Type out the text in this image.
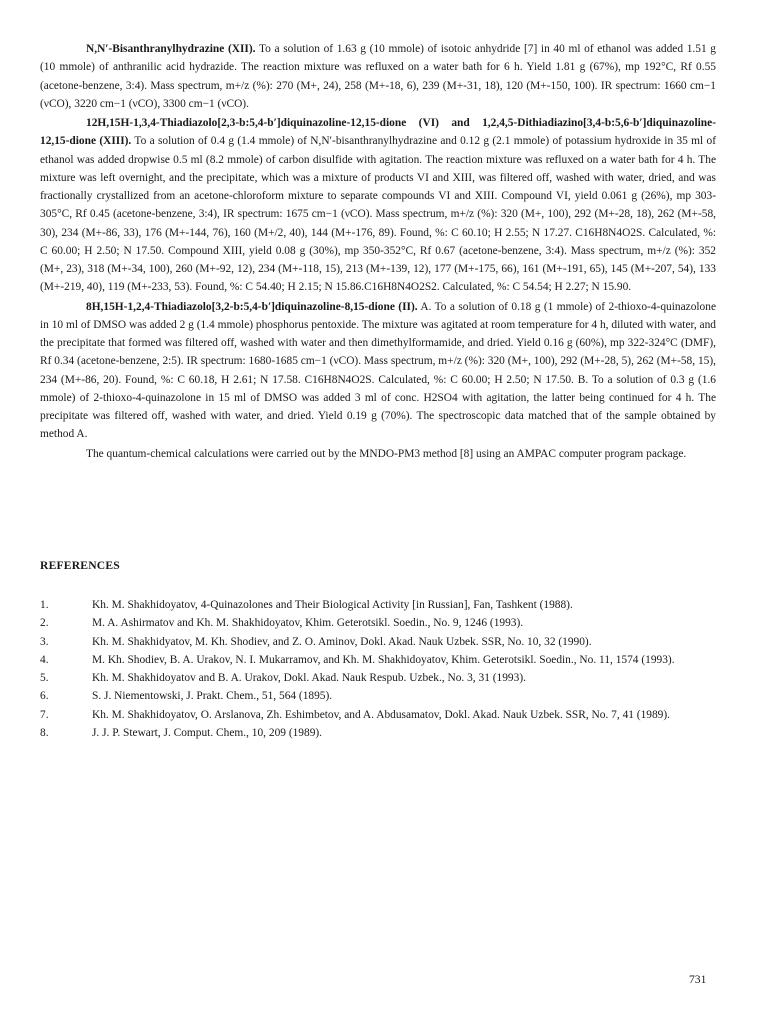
N,N′-Bisanthranylhydrazine (XII). To a solution of 1.63 g (10 mmole) of isotoic anhydride [7] in 40 ml of ethanol was added 1.51 g (10 mmole) of anthranilic acid hydrazide. The reaction mixture was refluxed on a water bath for 6 h. Yield 1.81 g (67%), mp 192°C, Rf 0.55 (acetone-benzene, 3:4). Mass spectrum, m+/z (%): 270 (M+, 24), 258 (M+-18, 6), 239 (M+-31, 18), 120 (M+-150, 100). IR spectrum: 1660 cm−1 (νCO), 3220 cm−1 (νCO), 3300 cm−1 (νCO).

12H,15H-1,3,4-Thiadiazolo[2,3-b:5,4-b′]diquinazoline-12,15-dione (VI) and 1,2,4,5-Dithiadiazino[3,4-b:5,6-b′]diquinazoline-12,15-dione (XIII). To a solution of 0.4 g (1.4 mmole) of N,N′-bisanthranylhydrazine and 0.12 g (2.1 mmole) of potassium hydroxide in 35 ml of ethanol was added dropwise 0.5 ml (8.2 mmole) of carbon disulfide with agitation. The reaction mixture was refluxed on a water bath for 4 h. The mixture was left overnight, and the precipitate, which was a mixture of products VI and XIII, was filtered off, washed with water, dried, and was fractionally crystallized from an acetone-chloroform mixture to separate compounds VI and XIII. Compound VI, yield 0.061 g (26%), mp 303-305°C, Rf 0.45 (acetone-benzene, 3:4), IR spectrum: 1675 cm−1 (νCO). Mass spectrum, m+/z (%): 320 (M+, 100), 292 (M+-28, 18), 262 (M+-58, 30), 234 (M+-86, 33), 176 (M+-144, 76), 160 (M+/2, 40), 144 (M+-176, 89). Found, %: C 60.10; H 2.55; N 17.27. C16H8N4O2S. Calculated, %: C 60.00; H 2.50; N 17.50. Compound XIII, yield 0.08 g (30%), mp 350-352°C, Rf 0.67 (acetone-benzene, 3:4). Mass spectrum, m+/z (%): 352 (M+, 23), 318 (M+-34, 100), 260 (M+-92, 12), 234 (M+-118, 15), 213 (M+-139, 12), 177 (M+-175, 66), 161 (M+-191, 65), 145 (M+-207, 54), 133 (M+-219, 40), 119 (M+-233, 53). Found, %: C 54.40; H 2.15; N 15.86.C16H8N4O2S2. Calculated, %: C 54.54; H 2.27; N 15.90.

8H,15H-1,2,4-Thiadiazolo[3,2-b:5,4-b′]diquinazoline-8,15-dione (II). A. To a solution of 0.18 g (1 mmole) of 2-thioxo-4-quinazolone in 10 ml of DMSO was added 2 g (1.4 mmole) phosphorus pentoxide. The mixture was agitated at room temperature for 4 h, diluted with water, and the precipitate that formed was filtered off, washed with water and then dimethylformamide, and dried. Yield 0.16 g (60%), mp 322-324°C (DMF), Rf 0.34 (acetone-benzene, 2:5). IR spectrum: 1680-1685 cm−1 (νCO). Mass spectrum, m+/z (%): 320 (M+, 100), 292 (M+-28, 5), 262 (M+-58, 15), 234 (M+-86, 20). Found, %: C 60.18, H 2.61; N 17.58. C16H8N4O2S. Calculated, %: C 60.00; H 2.50; N 17.50. B. To a solution of 0.3 g (1.6 mmole) of 2-thioxo-4-quinazolone in 15 ml of DMSO was added 3 ml of conc. H2SO4 with agitation, the latter being continued for 4 h. The precipitate was filtered off, washed with water, and dried. Yield 0.19 g (70%). The spectroscopic data matched that of the sample obtained by method A.

The quantum-chemical calculations were carried out by the MNDO-PM3 method [8] using an AMPAC computer program package.

REFERENCES
1.	Kh. M. Shakhidoyatov, 4-Quinazolones and Their Biological Activity [in Russian], Fan, Tashkent (1988).
2.	M. A. Ashirmatov and Kh. M. Shakhidoyatov, Khim. Geterotsikl. Soedin., No. 9, 1246 (1993).
3.	Kh. M. Shakhidyatov, M. Kh. Shodiev, and Z. O. Aminov, Dokl. Akad. Nauk Uzbek. SSR, No. 10, 32 (1990).
4.	M. Kh. Shodiev, B. A. Urakov, N. I. Mukarramov, and Kh. M. Shakhidoyatov, Khim. Geterotsikl. Soedin., No. 11, 1574 (1993).
5.	Kh. M. Shakhidoyatov and B. A. Urakov, Dokl. Akad. Nauk Respub. Uzbek., No. 3, 31 (1993).
6.	S. J. Niementowski, J. Prakt. Chem., 51, 564 (1895).
7.	Kh. M. Shakhidoyatov, O. Arslanova, Zh. Eshimbetov, and A. Abdusamatov, Dokl. Akad. Nauk Uzbek. SSR, No. 7, 41 (1989).
8.	J. J. P. Stewart, J. Comput. Chem., 10, 209 (1989).
731
